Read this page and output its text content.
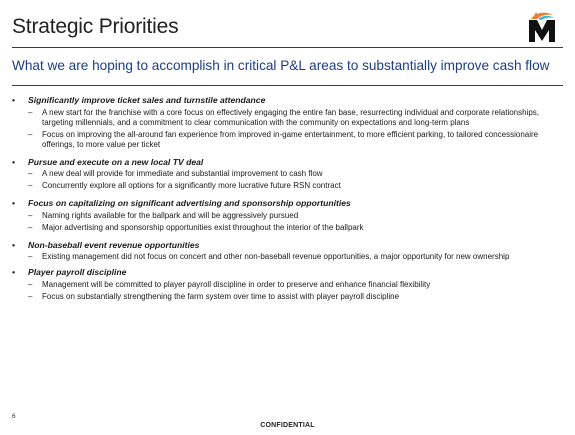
Strategic Priorities
What we are hoping to accomplish in critical P&L areas to substantially improve cash flow
•	Significantly improve ticket sales and turnstile attendance
–	A new start for the franchise with a core focus on effectively engaging the entire fan base, resurrecting individual and corporate relationships, targeting millennials, and a commitment to clear communication with the community on expectations and long-term plans
–	Focus on improving the all-around fan experience from improved in-game entertainment, to more efficient parking, to tailored concessionaire offerings, to more value per ticket
•	Pursue and execute on a new local TV deal
–	A new deal will provide for immediate and substantial improvement to cash flow
–	Concurrently explore all options for a significantly more lucrative future RSN contract
•	Focus on capitalizing on significant advertising and sponsorship opportunities
–	Naming rights available for the ballpark and will be aggressively pursued
–	Major advertising and sponsorship opportunities exist throughout the interior of the ballpark
•	Non-baseball event revenue opportunities
–	Existing management did not focus on concert and other non-baseball revenue opportunities, a major opportunity for new ownership
•	Player payroll discipline
–	Management will be committed to player payroll discipline in order to preserve and enhance financial flexibility
–	Focus on substantially strengthening the farm system over time to assist with player payroll discipline
6
CONFIDENTIAL
